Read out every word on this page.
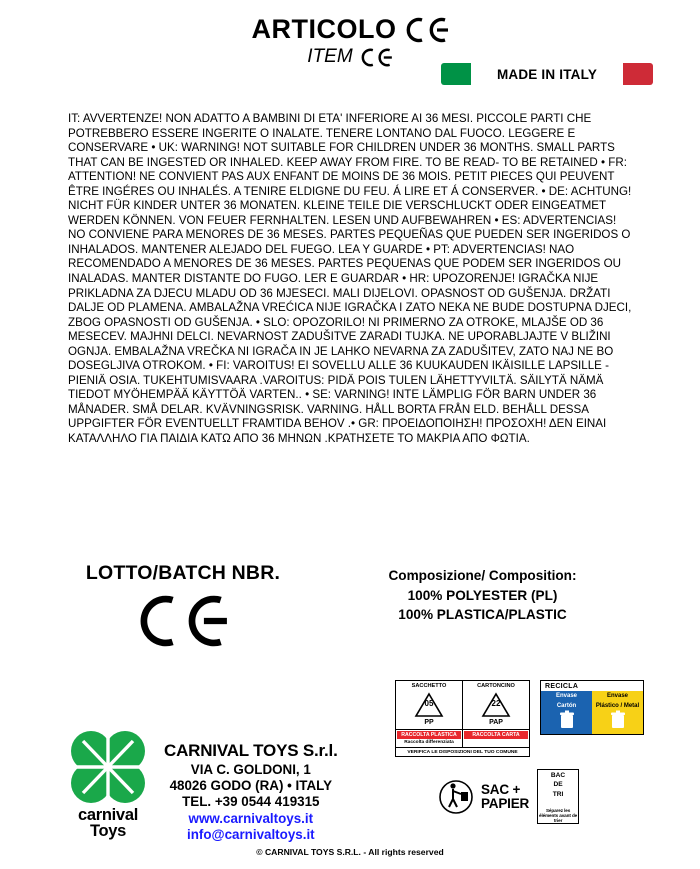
ARTICOLO
ITEM
MADE IN ITALY

IT: AVVERTENZE! NON ADATTO A BAMBINI DI ETA' INFERIORE AI 36 MESI. PICCOLE PARTI CHE POTREBBERO ESSERE INGERITE O INALATE. TENERE LONTANO DAL FUOCO. LEGGERE E CONSERVARE • UK: WARNING! NOT SUITABLE FOR CHILDREN UNDER 36 MONTHS. SMALL PARTS THAT CAN BE INGESTED OR INHALED. KEEP AWAY FROM FIRE. TO BE READ- TO BE RETAINED • FR: ATTENTION! NE CONVIENT PAS AUX ENFANT DE MOINS DE 36 MOIS. PETIT PIECES QUI PEUVENT ÊTRE INGÉRES OU INHALÉS. A TENIRE ELDIGNE DU FEU. Á LIRE ET Á CONSERVER. • DE: ACHTUNG! NICHT FÜR KINDER UNTER 36 MONATEN. KLEINE TEILE DIE VERSCHLUCKT ODER EINGEATMET WERDEN KÖNNEN. VON FEUER FERNHALTEN. LESEN UND AUFBEWAHREN • ES: ADVERTENCIAS! NO CONVIENE PARA MENORES DE 36 MESES. PARTES PEQUEÑAS QUE PUEDEN SER INGERIDOS O INHALADOS. MANTENER ALEJADO DEL FUEGO. LEA Y GUARDE • PT: ADVERTENCIAS! NAO RECOMENDADO A MENORES DE 36 MESES. PARTES PEQUENAS QUE PODEM SER INGERIDOS OU INALADAS. MANTER DISTANTE DO FUGO. LER E GUARDAR • HR: UPOZORENJE! IGRAČKA NIJE PRIKLADNA ZA DJECU MLADU OD 36 MJESECI. MALI DIJELOVI. OPASNOST OD GUŠENJA. DRŽATI DALJE OD PLAMENA. AMBALAŽNA VREĆICA NIJE IGRAČKA I ZATO NEKA NE BUDE DOSTUPNA DJECI, ZBOG OPASNOSTI OD GUŠENJA. • SLO: OPOZORILO! NI PRIMERNO ZA OTROKE, MLAJŠE OD 36 MESECEV. MAJHNI DELCI. NEVARNOST ZADUŠITVE ZARADI TUJKA. NE UPORABLJAJTE V BLIŽINI OGNJA. EMBALAŽNA VREČKA NI IGRAČA IN JE LAHKO NEVARNA ZA ZADUŠITEV, ZATO NAJ NE BO DOSEGLJIVA OTROKOM. • FI: VAROITUS! EI SOVELLU ALLE 36 KUUKAUDEN IKÄISILLE LAPSILLE - PIENIÄ OSIA. TUKEHTUMISVAARA .VAROITUS: PIDÄ POIS TULEN LÄHETTYVILTÄ. SÄILYTÄ NÄMÄ TIEDOT MYÖHEMPÄÄ KÄYTTÖÄ VARTEN.. • SE: VARNING! INTE LÄMPLIG FÖR BARN UNDER 36 MÅNADER. SMÅ DELAR. KVÄVNINGSRISK. VARNING. HÅLL BORTA FRÅN ELD. BEHÅLL DESSA UPPGIFTER FÖR EVENTUELLT FRAMTIDA BEHOV .• GR: ΠΡΟΕΙΔΟΠΟΙΗΣΗ! ΠΡΟΣΟΧΗ! ΔΕΝ ΕΙΝΑΙ ΚΑΤΑΛΛΗΛΟ ΓΙΑ ΠΑΙΔΙΑ ΚΑΤΩ ΑΠΟ 36 ΜΗΝΩΝ .ΚΡΑΤΗΣΕΤΕ ΤΟ ΜΑΚΡΙΑ ΑΠΟ ΦΩΤΙΑ.

LOTTO/BATCH NBR.	Composizione/ Composition:
100% POLYESTER (PL)
100% PLASTICA/PLASTIC
SACCHETTO	CARTONCINO
05
PP
22
PAP
RACCOLTA PLASTICA
Raccolta differenziata
RACCOLTA CARTA

VERIFICA LE DISPOSIZIONI DEL TUO COMUNE
RECICLA
Envase
Cartón
Envase
Plástico / Metal
SAC +
PAPIER
BAC
DE
TRI
Séparez les éléments avant de trier
carnival
Toys
CARNIVAL TOYS S.r.l.
VIA C. GOLDONI, 1
48026 GODO (RA) • ITALY
TEL. +39 0544 419315
www.carnivaltoys.it
info@carnivaltoys.it
© CARNIVAL TOYS S.R.L. - All rights reserved
